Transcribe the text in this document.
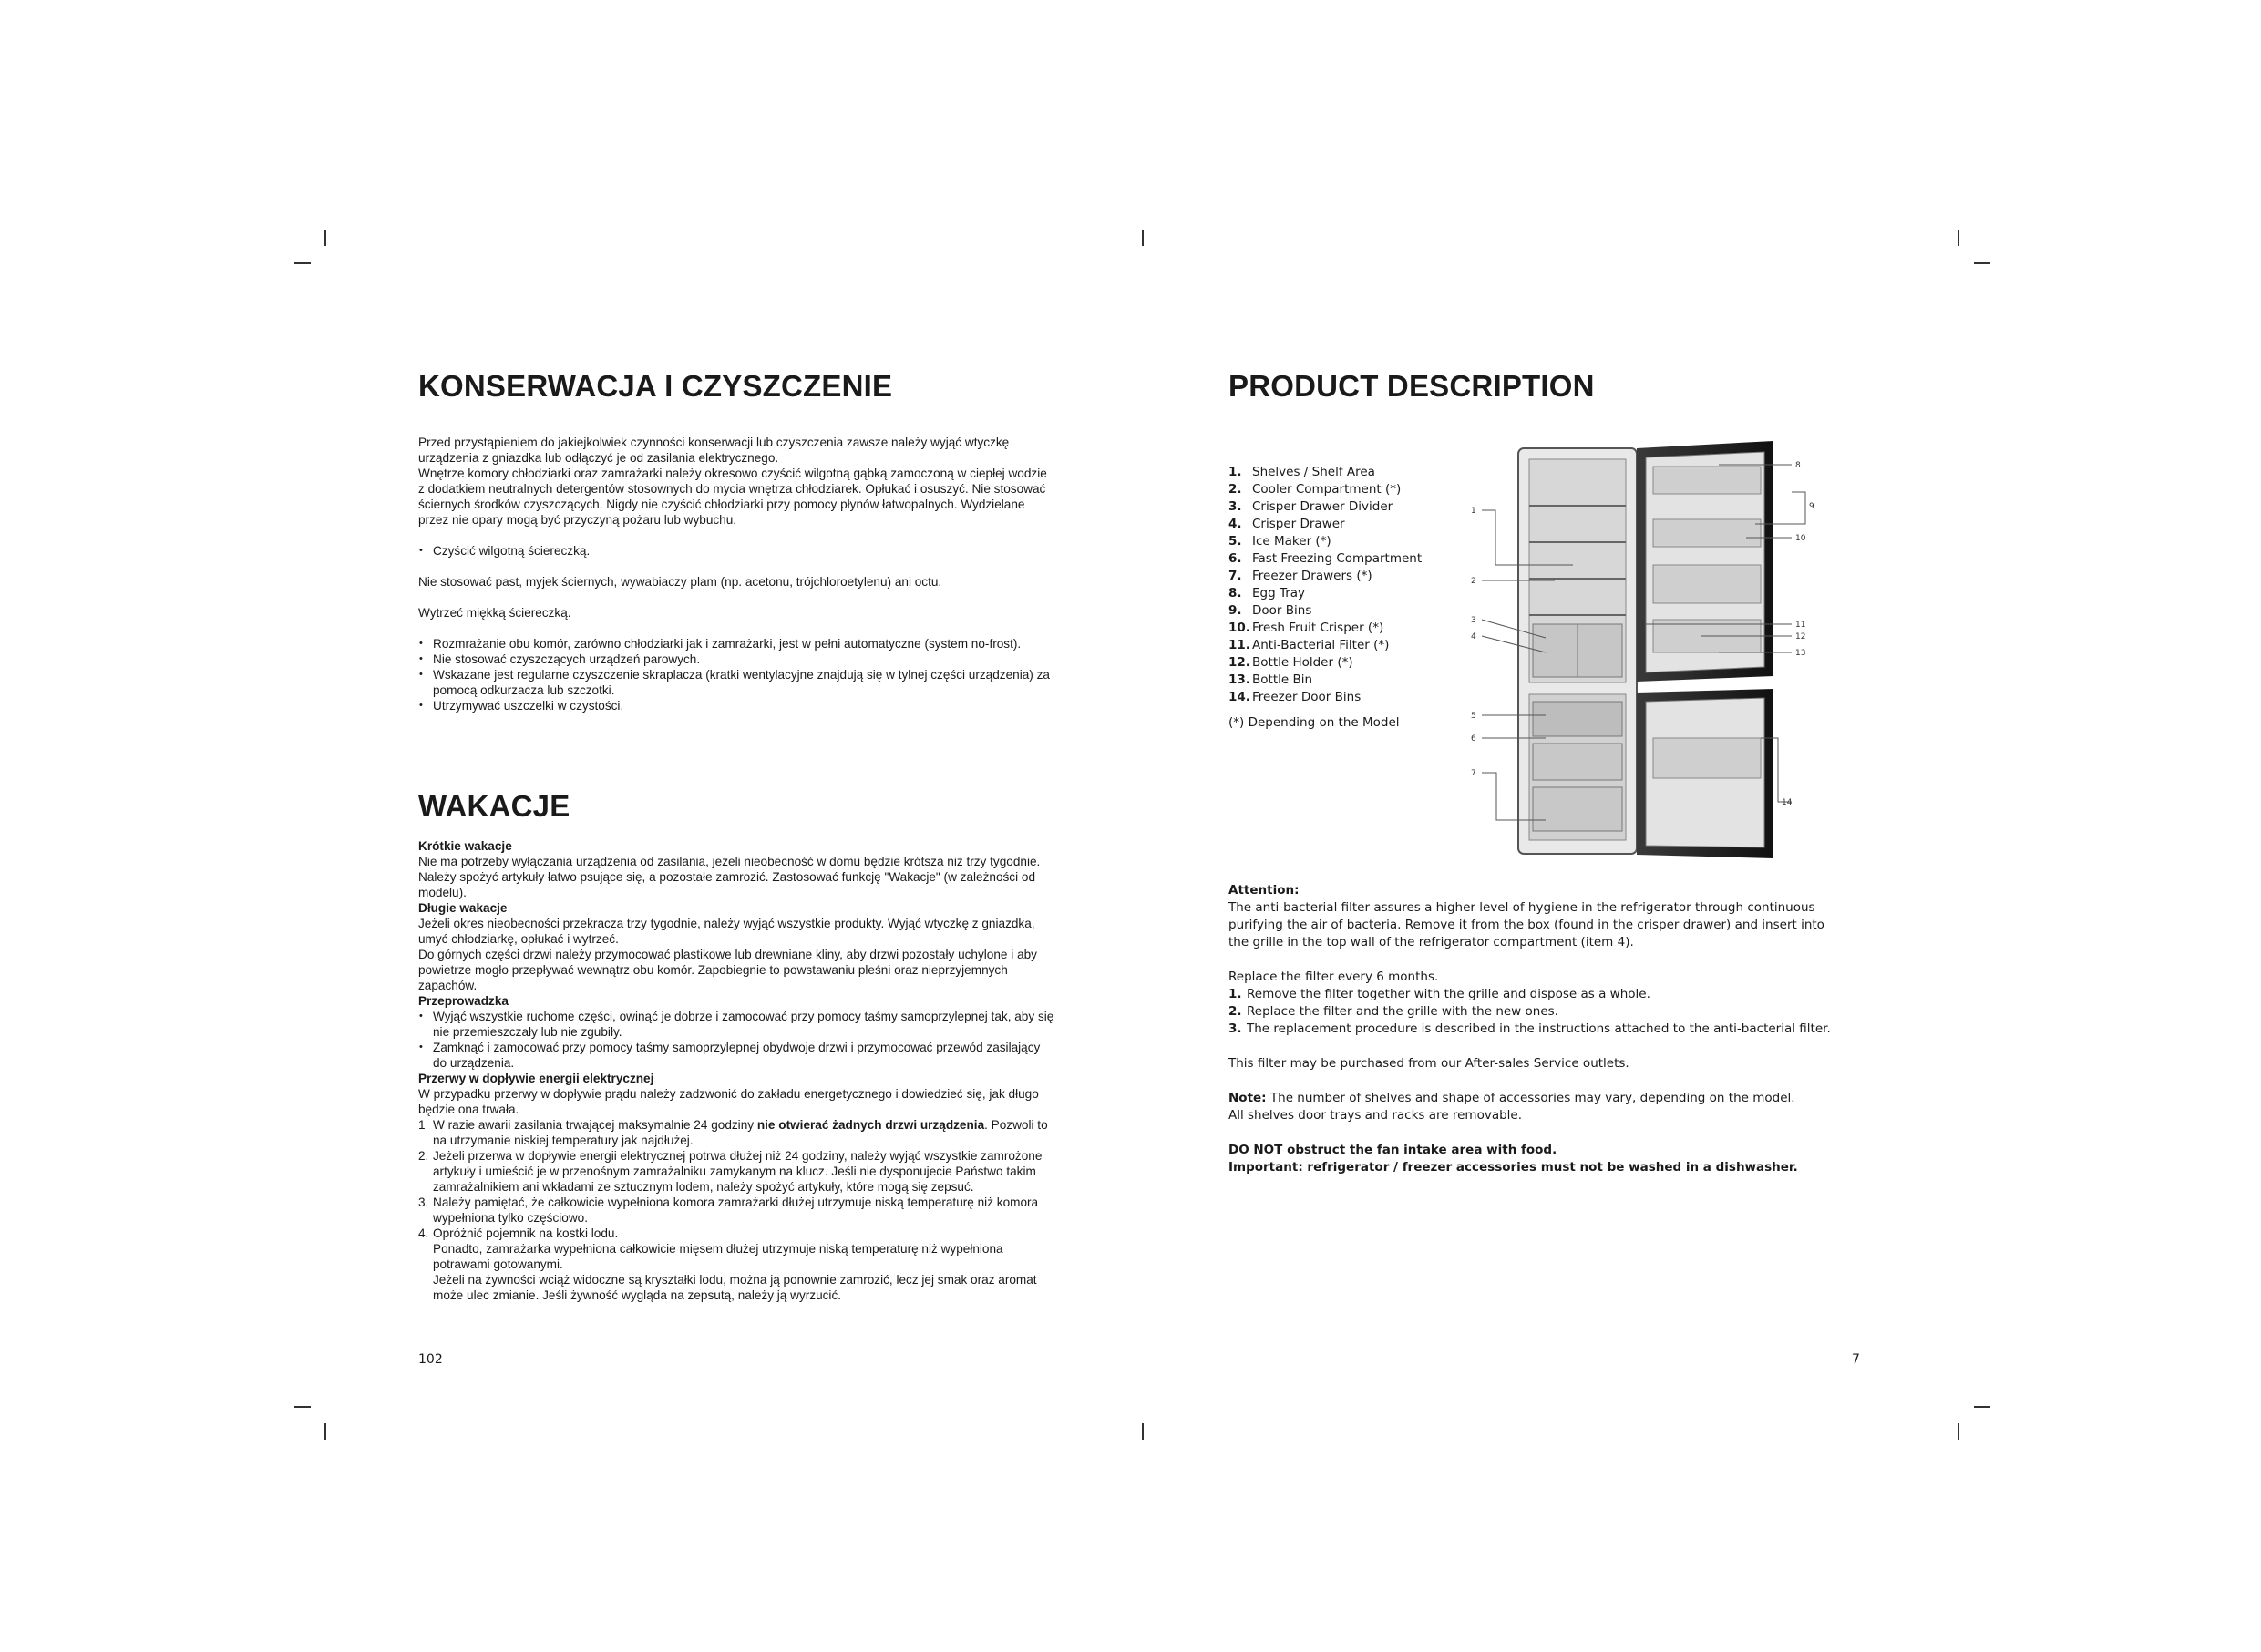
KONSERWACJA I CZYSZCZENIE

Przed przystąpieniem do jakiejkolwiek czynności konserwacji lub czyszczenia zawsze należy wyjąć wtyczkę urządzenia z gniazdka lub odłączyć je od zasilania elektrycznego.

Wnętrze komory chłodziarki oraz zamrażarki należy okresowo czyścić wilgotną gąbką zamoczoną w ciepłej wodzie z dodatkiem neutralnych detergentów stosownych do mycia wnętrza chłodziarek. Opłukać i osuszyć. Nie stosować ściernych środków czyszczących. Nigdy nie czyścić chłodziarki przy pomocy płynów łatwopalnych. Wydzielane przez nie opary mogą być przyczyną pożaru lub wybuchu.

• Czyścić wilgotną ściereczką.

Nie stosować past, myjek ściernych, wywabiaczy plam (np. acetonu, trójchloroetylenu) ani octu.

Wytrzeć miękką ściereczką.

• Rozmrażanie obu komór, zarówno chłodziarki jak i zamrażarki, jest w pełni automatyczne (system no-frost).
• Nie stosować czyszczących urządzeń parowych.
• Wskazane jest regularne czyszczenie skraplacza (kratki wentylacyjne znajdują się w tylnej części urządzenia) za pomocą odkurzacza lub szczotki.
• Utrzymywać uszczelki w czystości.
WAKACJE

Krótkie wakacje

Nie ma potrzeby wyłączania urządzenia od zasilania, jeżeli nieobecność w domu będzie krótsza niż trzy tygodnie. Należy spożyć artykuły łatwo psujące się, a pozostałe zamrozić. Zastosować funkcję "Wakacje" (w zależności od modelu).

Długie wakacje

Jeżeli okres nieobecności przekracza trzy tygodnie, należy wyjąć wszystkie produkty. Wyjąć wtyczkę z gniazdka, umyć chłodziarkę, opłukać i wytrzeć.

Do górnych części drzwi należy przymocować plastikowe lub drewniane kliny, aby drzwi pozostały uchylone i aby powietrze mogło przepływać wewnątrz obu komór. Zapobiegnie to powstawaniu pleśni oraz nieprzyjemnych zapachów.

Przeprowadzka

• Wyjąć wszystkie ruchome części, owinąć je dobrze i zamocować przy pomocy taśmy samoprzylepnej tak, aby się nie przemieszczały lub nie zgubiły.
• Zamknąć i zamocować przy pomocy taśmy samoprzylepnej obydwoje drzwi i przymocować przewód zasilający do urządzenia.

Przerwy w dopływie energii elektrycznej

W przypadku przerwy w dopływie prądu należy zadzwonić do zakładu energetycznego i dowiedzieć się, jak długo będzie ona trwała.

1 W razie awarii zasilania trwającej maksymalnie 24 godziny nie otwierać żadnych drzwi urządzenia. Pozwoli to na utrzymanie niskiej temperatury jak najdłużej.
2. Jeżeli przerwa w dopływie energii elektrycznej potrwa dłużej niż 24 godziny, należy wyjąć wszystkie zamrożone artykuły i umieścić je w przenośnym zamrażalniku zamykanym na klucz. Jeśli nie dysponujecie Państwo takim zamrażalnikiem ani wkładami ze sztucznym lodem, należy spożyć artykuły, które mogą się zepsuć.
3. Należy pamiętać, że całkowicie wypełniona komora zamrażarki dłużej utrzymuje niską temperaturę niż komora wypełniona tylko częściowo.
4. Opróżnić pojemnik na kostki lodu.
Ponadto, zamrażarka wypełniona całkowicie mięsem dłużej utrzymuje niską temperaturę niż wypełniona potrawami gotowanymi.
Jeżeli na żywności wciąż widoczne są kryształki lodu, można ją ponownie zamrozić, lecz jej smak oraz aromat może ulec zmianie. Jeśli żywność wygląda na zepsutą, należy ją wyrzucić.
102
PRODUCT DESCRIPTION
1. Shelves / Shelf Area
2. Cooler Compartment (*)
3. Crisper Drawer Divider
4. Crisper Drawer
5. Ice Maker (*)
6. Fast Freezing Compartment
7. Freezer Drawers (*)
8. Egg Tray
9. Door Bins
10. Fresh Fruit Crisper (*)
11. Anti-Bacterial Filter (*)
12. Bottle Holder (*)
13. Bottle Bin
14. Freezer Door Bins
(*) Depending on the Model
1
2
3
4
5
6
7
8
9
10
11
12
13
14

Attention:

The anti-bacterial filter assures a higher level of hygiene in the refrigerator through continuous purifying the air of bacteria. Remove it from the box (found in the crisper drawer) and insert into the grille in the top wall of the refrigerator compartment (item 4).

Replace the filter every 6 months.

1. Remove the filter together with the grille and dispose as a whole.
2. Replace the filter and the grille with the new ones.
3. The replacement procedure is described in the instructions attached to the anti-bacterial filter.

This filter may be purchased from our After-sales Service outlets.

Note: The number of shelves and shape of accessories may vary, depending on the model.

All shelves door trays and racks are removable.

DO NOT obstruct the fan intake area with food.

Important: refrigerator / freezer accessories must not be washed in a dishwasher.

7
